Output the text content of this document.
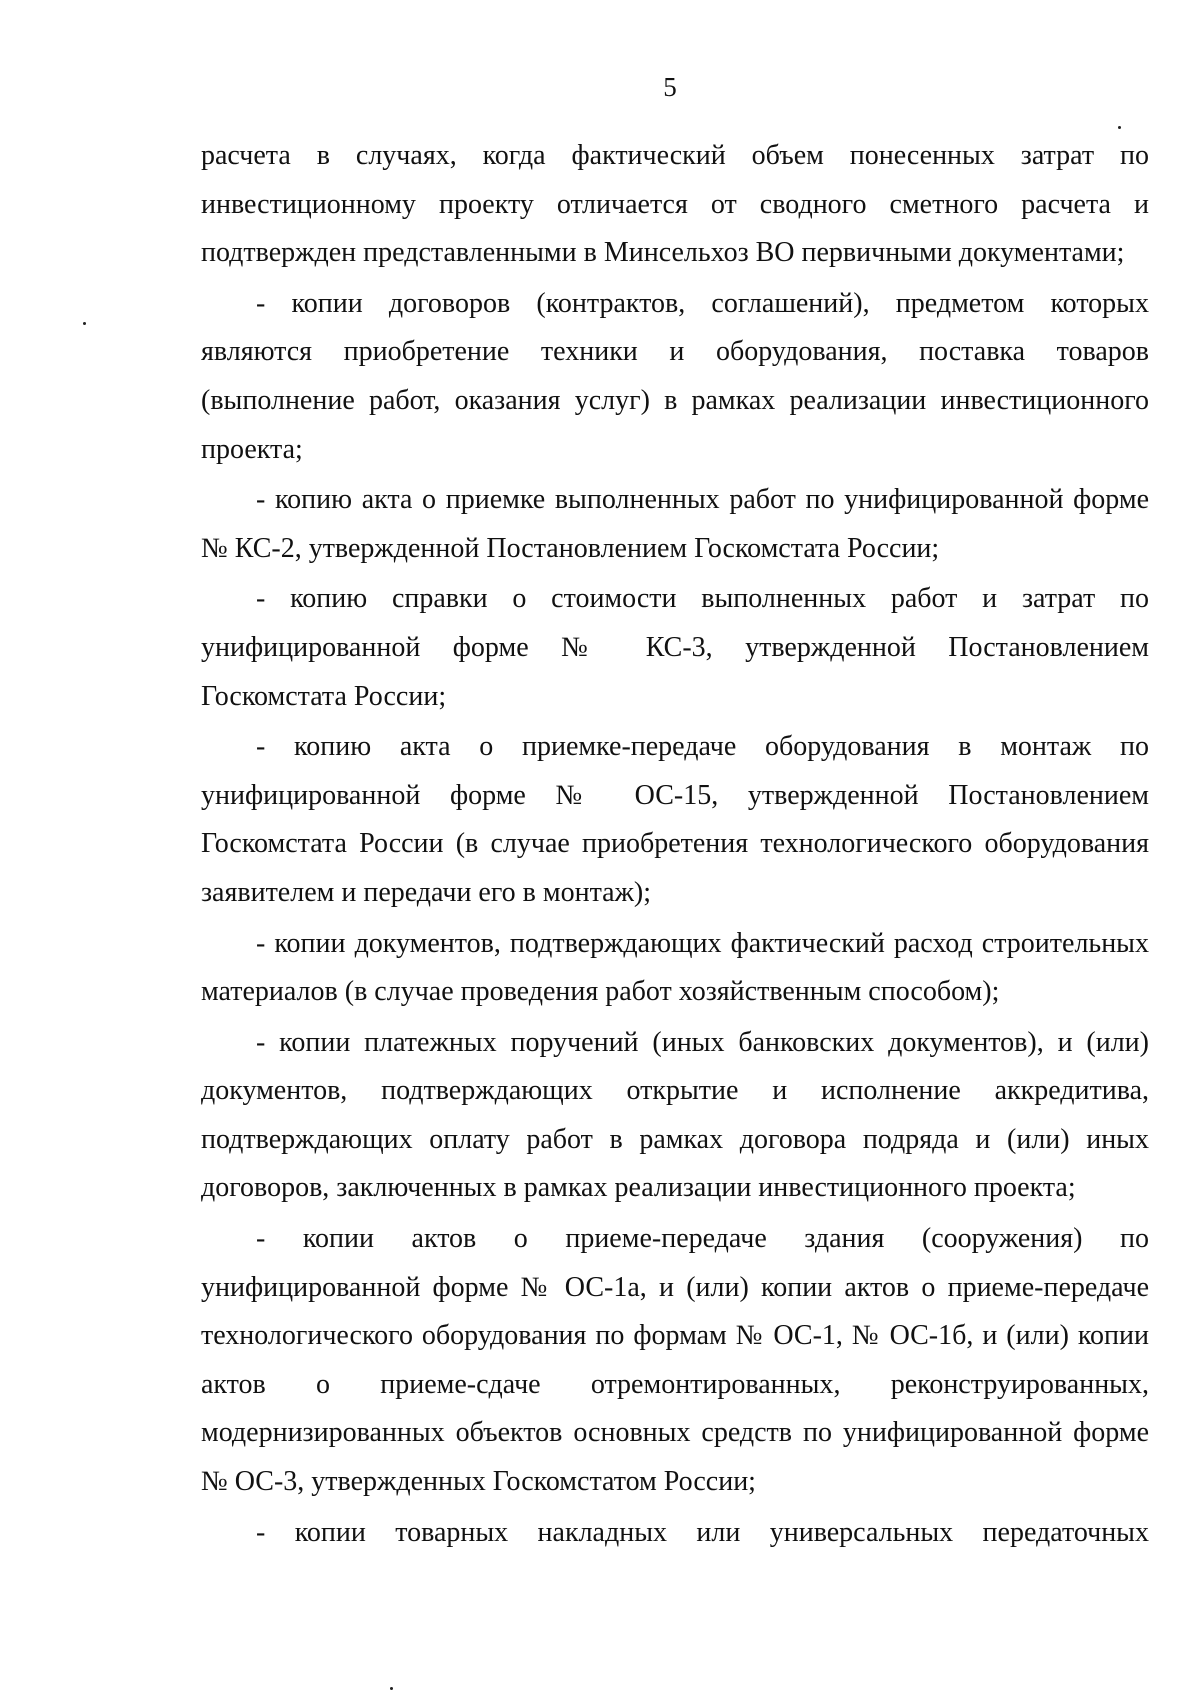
5

расчета в случаях, когда фактический объем понесенных затрат по инвестиционному проекту отличается от сводного сметного расчета и подтвержден представленными в Минсельхоз ВО первичными документами;

- копии договоров (контрактов, соглашений), предметом которых являются приобретение техники и оборудования, поставка товаров (выполнение работ, оказания услуг) в рамках реализации инвестиционного проекта;

- копию акта о приемке выполненных работ по унифицированной форме № КС-2, утвержденной Постановлением Госкомстата России;

- копию справки о стоимости выполненных работ и затрат по унифицированной форме № КС-3, утвержденной Постановлением Госкомстата России;

- копию акта о приемке-передаче оборудования в монтаж по унифицированной форме № ОС-15, утвержденной Постановлением Госкомстата России (в случае приобретения технологического оборудования заявителем и передачи его в монтаж);

- копии документов, подтверждающих фактический расход строительных материалов (в случае проведения работ хозяйственным способом);

- копии платежных поручений (иных банковских документов), и (или) документов, подтверждающих открытие и исполнение аккредитива, подтверждающих оплату работ в рамках договора подряда и (или) иных договоров, заключенных в рамках реализации инвестиционного проекта;

- копии актов о приеме-передаче здания (сооружения) по унифицированной форме № ОС-1а, и (или) копии актов о приеме-передаче технологического оборудования по формам № ОС-1, № ОС-1б, и (или) копии актов о приеме-сдаче отремонтированных, реконструированных, модернизированных объектов основных средств по унифицированной форме № ОС-3, утвержденных Госкомстатом России;

- копии товарных накладных или универсальных передаточных
